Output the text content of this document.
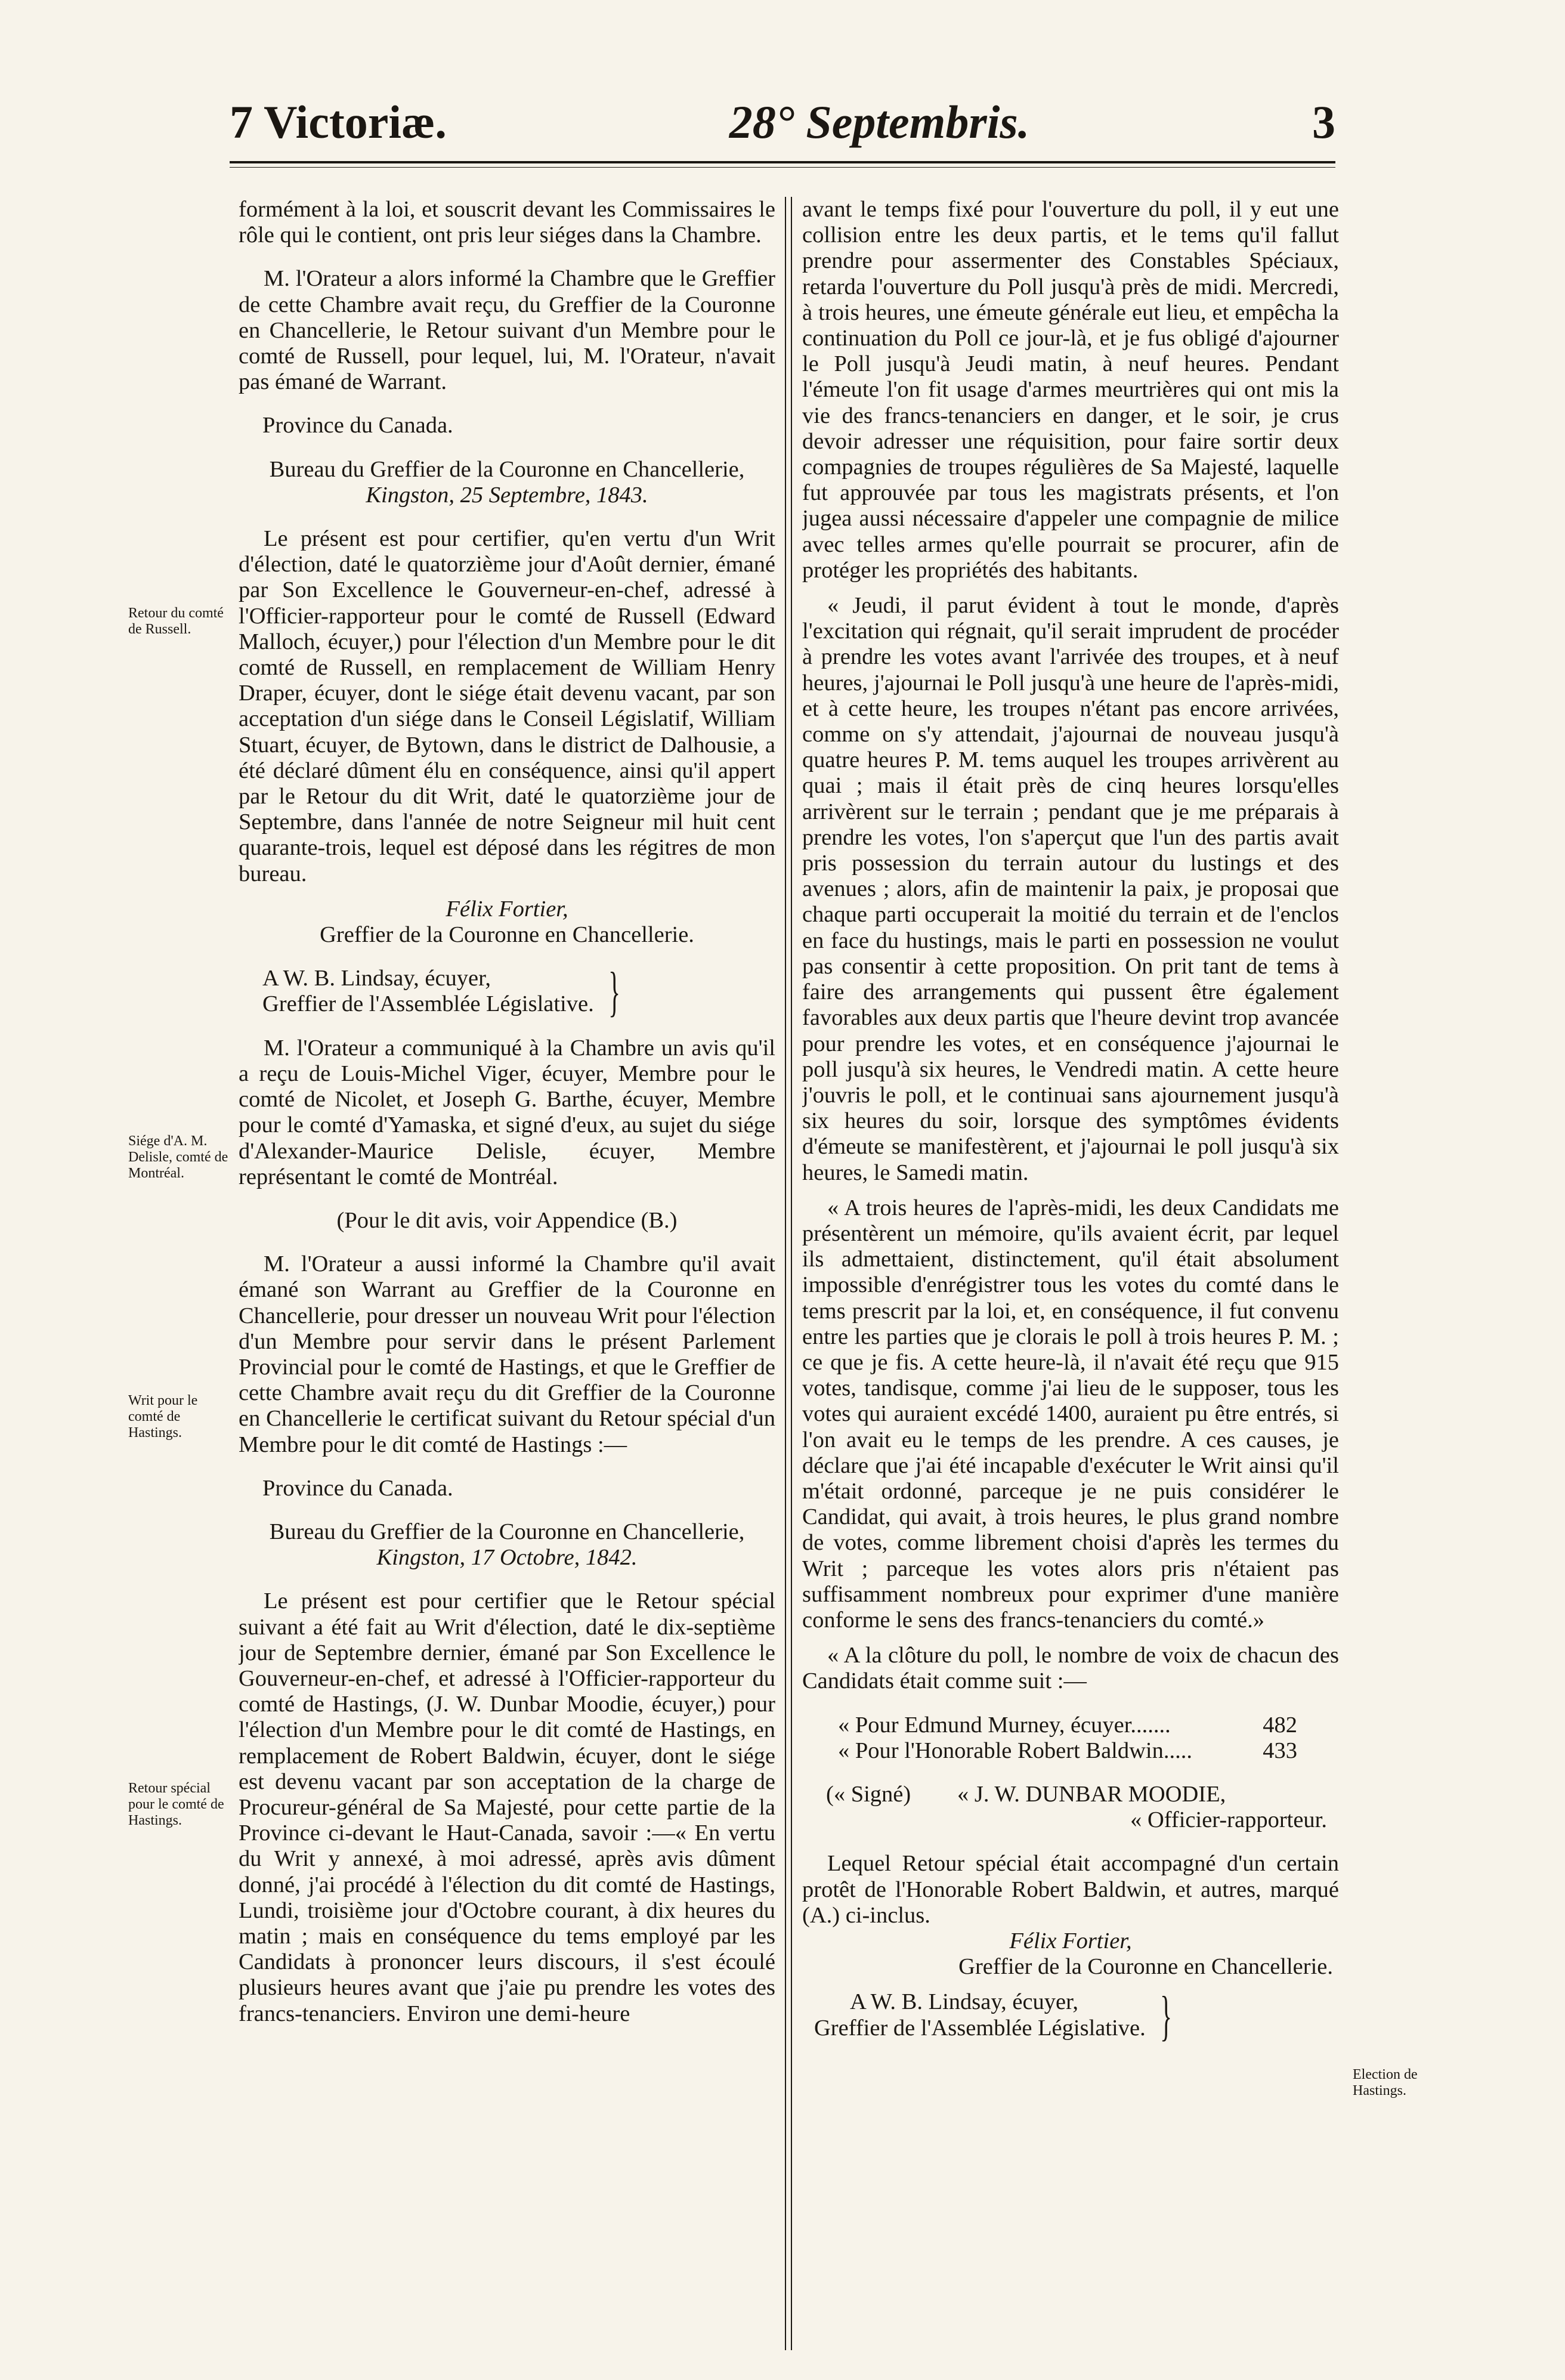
7 Victoriæ.	28° Septembris.	3
Retour du comté de Russell.
Siége d'A. M. Delisle, comté de Montréal.
Writ pour le comté de Hastings.
Retour spécial pour le comté de Hastings.
Election de Hastings.

formément à la loi, et souscrit devant les Commissaires le rôle qui le contient, ont pris leur siéges dans la Chambre.

M. l'Orateur a alors informé la Chambre que le Greffier de cette Chambre avait reçu, du Greffier de la Couronne en Chancellerie, le Retour suivant d'un Membre pour le comté de Russell, pour lequel, lui, M. l'Orateur, n'avait pas émané de Warrant.

Province du Canada.

Bureau du Greffier de la Couronne en Chancellerie,

Kingston, 25 Septembre, 1843.

Le présent est pour certifier, qu'en vertu d'un Writ d'élection, daté le quatorzième jour d'Août dernier, émané par Son Excellence le Gouverneur-en-chef, adressé à l'Officier-rapporteur pour le comté de Russell (Edward Malloch, écuyer,) pour l'élection d'un Membre pour le dit comté de Russell, en remplacement de William Henry Draper, écuyer, dont le siége était devenu vacant, par son acceptation d'un siége dans le Conseil Législatif, William Stuart, écuyer, de Bytown, dans le district de Dalhousie, a été déclaré dûment élu en conséquence, ainsi qu'il appert par le Retour du dit Writ, daté le quatorzième jour de Septembre, dans l'année de notre Seigneur mil huit cent quarante-trois, lequel est déposé dans les régitres de mon bureau.

Félix Fortier,

Greffier de la Couronne en Chancellerie.

A W. B. Lindsay, écuyer,
Greffier de l'Assemblée Législative. }

M. l'Orateur a communiqué à la Chambre un avis qu'il a reçu de Louis-Michel Viger, écuyer, Membre pour le comté de Nicolet, et Joseph G. Barthe, écuyer, Membre pour le comté d'Yamaska, et signé d'eux, au sujet du siége d'Alexander-Maurice Delisle, écuyer, Membre représentant le comté de Montréal.

(Pour le dit avis, voir Appendice (B.)

M. l'Orateur a aussi informé la Chambre qu'il avait émané son Warrant au Greffier de la Couronne en Chancellerie, pour dresser un nouveau Writ pour l'élection d'un Membre pour servir dans le présent Parlement Provincial pour le comté de Hastings, et que le Greffier de cette Chambre avait reçu du dit Greffier de la Couronne en Chancellerie le certificat suivant du Retour spécial d'un Membre pour le dit comté de Hastings :—

Province du Canada.

Bureau du Greffier de la Couronne en Chancellerie,

Kingston, 17 Octobre, 1842.

Le présent est pour certifier que le Retour spécial suivant a été fait au Writ d'élection, daté le dix-septième jour de Septembre dernier, émané par Son Excellence le Gouverneur-en-chef, et adressé à l'Officier-rapporteur du comté de Hastings, (J. W. Dunbar Moodie, écuyer,) pour l'élection d'un Membre pour le dit comté de Hastings, en remplacement de Robert Baldwin, écuyer, dont le siége est devenu vacant par son acceptation de la charge de Procureur-général de Sa Majesté, pour cette partie de la Province ci-devant le Haut-Canada, savoir :—« En vertu du Writ y annexé, à moi adressé, après avis dûment donné, j'ai procédé à l'élection du dit comté de Hastings, Lundi, troisième jour d'Octobre courant, à dix heures du matin ; mais en conséquence du tems employé par les Candidats à prononcer leurs discours, il s'est écoulé plusieurs heures avant que j'aie pu prendre les votes des francs-tenanciers. Environ une demi-heure

avant le temps fixé pour l'ouverture du poll, il y eut une collision entre les deux partis, et le tems qu'il fallut prendre pour assermenter des Constables Spéciaux, retarda l'ouverture du Poll jusqu'à près de midi. Mercredi, à trois heures, une émeute générale eut lieu, et empêcha la continuation du Poll ce jour-là, et je fus obligé d'ajourner le Poll jusqu'à Jeudi matin, à neuf heures. Pendant l'émeute l'on fit usage d'armes meurtrières qui ont mis la vie des francs-tenanciers en danger, et le soir, je crus devoir adresser une réquisition, pour faire sortir deux compagnies de troupes régulières de Sa Majesté, laquelle fut approuvée par tous les magistrats présents, et l'on jugea aussi nécessaire d'appeler une compagnie de milice avec telles armes qu'elle pourrait se procurer, afin de protéger les propriétés des habitants.

« Jeudi, il parut évident à tout le monde, d'après l'excitation qui régnait, qu'il serait imprudent de procéder à prendre les votes avant l'arrivée des troupes, et à neuf heures, j'ajournai le Poll jusqu'à une heure de l'après-midi, et à cette heure, les troupes n'étant pas encore arrivées, comme on s'y attendait, j'ajournai de nouveau jusqu'à quatre heures P. M. tems auquel les troupes arrivèrent au quai ; mais il était près de cinq heures lorsqu'elles arrivèrent sur le terrain ; pendant que je me préparais à prendre les votes, l'on s'aperçut que l'un des partis avait pris possession du terrain autour du lustings et des avenues ; alors, afin de maintenir la paix, je proposai que chaque parti occuperait la moitié du terrain et de l'enclos en face du hustings, mais le parti en possession ne voulut pas consentir à cette proposition. On prit tant de tems à faire des arrangements qui pussent être également favorables aux deux partis que l'heure devint trop avancée pour prendre les votes, et en conséquence j'ajournai le poll jusqu'à six heures, le Vendredi matin. A cette heure j'ouvris le poll, et le continuai sans ajournement jusqu'à six heures du soir, lorsque des symptômes évidents d'émeute se manifestèrent, et j'ajournai le poll jusqu'à six heures, le Samedi matin.

« A trois heures de l'après-midi, les deux Candidats me présentèrent un mémoire, qu'ils avaient écrit, par lequel ils admettaient, distinctement, qu'il était absolument impossible d'enrégistrer tous les votes du comté dans le tems prescrit par la loi, et, en conséquence, il fut convenu entre les parties que je clorais le poll à trois heures P. M. ; ce que je fis. A cette heure-là, il n'avait été reçu que 915 votes, tandisque, comme j'ai lieu de le supposer, tous les votes qui auraient excédé 1400, auraient pu être entrés, si l'on avait eu le temps de les prendre. A ces causes, je déclare que j'ai été incapable d'exécuter le Writ ainsi qu'il m'était ordonné, parceque je ne puis considérer le Candidat, qui avait, à trois heures, le plus grand nombre de votes, comme librement choisi d'après les termes du Writ ; parceque les votes alors pris n'étaient pas suffisamment nombreux pour exprimer d'une manière conforme le sens des francs-tenanciers du comté.»

« A la clôture du poll, le nombre de voix de chacun des Candidats était comme suit :—

« Pour Edmund Murney, écuyer.......	482
« Pour l'Honorable Robert Baldwin.....	433
(« Signé)	« J. W. DUNBAR MOODIE,

« Officier-rapporteur.

Lequel Retour spécial était accompagné d'un certain protêt de l'Honorable Robert Baldwin, et autres, marqué (A.) ci-inclus.

Félix Fortier,

Greffier de la Couronne en Chancellerie.

A W. B. Lindsay, écuyer,
Greffier de l'Assemblée Législative. }
